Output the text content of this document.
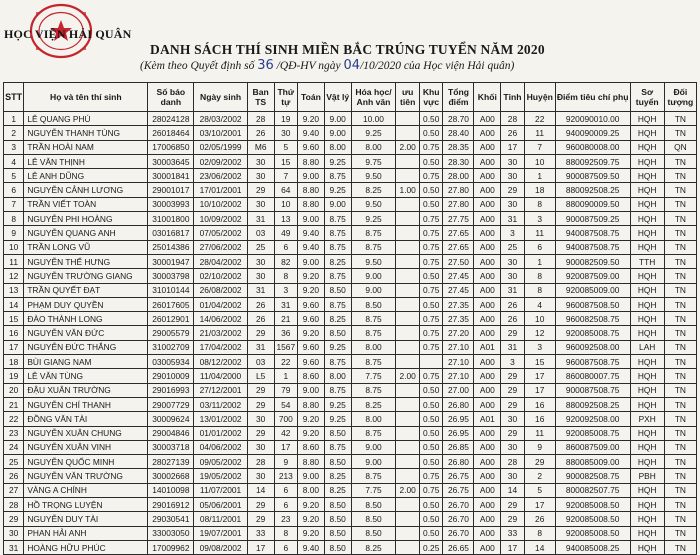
HỌC VIỆN HẢI QUÂN
DANH SÁCH THÍ SINH MIỀN BẮC TRÚNG TUYỂN NĂM 2020
(Kèm theo Quyết định số 36 /QĐ-HV ngày 04/10/2020 của Học viện Hải quân)
STT	Họ và tên thí sinh	Số báo danh	Ngày sinh	Ban TS	Thứ tự	Toán	Vật lý	Hóa học/ Anh văn	ưu tiên	Khu vực	Tổng điểm	Khối	Tỉnh	Huyện	Điểm tiêu chí phụ	Sơ tuyển	Đối tượng
1	LÊ QUANG PHÚ	28024128	28/03/2002	28	19	9.20	9.00	10.00		0.50	28.70	A00	28	22	920090010.00	HQH	TN
2	NGUYỄN THANH TÙNG	26018464	03/10/2001	26	30	9.40	9.00	9.25		0.50	28.40	A00	26	11	940090009.25	HQH	TN
3	TRẦN HOÀI NAM	17006850	02/05/1999	M6	5	9.60	8.00	8.00	2.00	0.75	28.35	A00	17	7	960080008.00	HQH	QN
4	LÊ VĂN THỊNH	30003645	02/09/2002	30	15	8.80	9.25	9.75		0.50	28.30	A00	30	10	880092509.75	HQH	TN
5	LÊ ANH DŨNG	30001841	23/06/2002	30	7	9.00	8.75	9.50		0.75	28.00	A00	30	1	900087509.50	HQH	TN
6	NGUYỄN CẢNH LƯƠNG	29001017	17/01/2001	29	64	8.80	9.25	8.25	1.00	0.50	27.80	A00	29	18	880092508.25	HQH	TN
7	TRẦN VIẾT TOÀN	30003993	10/10/2002	30	10	8.80	9.00	9.50		0.50	27.80	A00	30	8	880090009.50	HQH	TN
8	NGUYỄN PHI HOÀNG	31001800	10/09/2002	31	13	9.00	8.75	9.25		0.75	27.75	A00	31	3	900087509.25	HQH	TN
9	NGUYỄN QUANG ANH	03016817	07/05/2002	03	49	9.40	8.75	8.75		0.75	27.65	A00	3	11	940087508.75	HQH	TN
10	TRẦN LONG VŨ	25014386	27/06/2002	25	6	9.40	8.75	8.75		0.75	27.65	A00	25	6	940087508.75	HQH	TN
11	NGUYỄN THẾ HƯNG	30001947	28/04/2002	30	82	9.00	8.25	9.50		0.75	27.50	A00	30	1	900082509.50	TTH	TN
12	NGUYỄN TRƯỜNG GIANG	30003798	02/10/2002	30	8	9.20	8.75	9.00		0.50	27.45	A00	30	8	920087509.00	HQH	TN
13	TRẦN QUYẾT ĐẠT	31010144	26/08/2002	31	3	9.20	8.50	9.00		0.75	27.45	A00	31	8	920085009.00	HQH	TN
14	PHẠM DUY QUYỀN	26017605	01/04/2002	26	31	9.60	8.75	8.50		0.50	27.35	A00	26	4	960087508.50	HQH	TN
15	ĐÀO THÀNH LONG	26012901	14/06/2002	26	21	9.60	8.25	8.75		0.75	27.35	A00	26	10	960082508.75	HQH	TN
16	NGUYỄN VĂN ĐỨC	29005579	21/03/2002	29	36	9.20	8.50	8.75		0.75	27.20	A00	29	12	920085008.75	HQH	TN
17	NGUYỄN ĐỨC THẮNG	31002709	17/04/2002	31	1567	9.60	9.25	8.00		0.75	27.10	A01	31	3	960092508.00	LAH	TN
18	BÙI GIANG NAM	03005934	08/12/2002	03	22	9.60	8.75	8.75			27.10	A00	3	15	960087508.75	HQH	TN
19	LÊ VĂN TÙNG	29010009	11/04/2000	L5	1	8.60	8.00	7.75	2.00	0.75	27.10	A00	29	17	860080007.75	HQH	TN
20	ĐẬU XUÂN TRƯỜNG	29016993	27/12/2001	29	79	9.00	8.75	8.75		0.50	27.00	A00	29	17	900087508.75	HQH	TN
21	NGUYỄN CHÍ THANH	29007729	03/11/2002	29	54	8.80	9.25	8.25		0.50	26.80	A00	29	16	880092508.25	HQH	TN
22	ĐỒNG VĂN TÀI	30009624	13/01/2002	30	700	9.20	9.25	8.00		0.50	26.95	A01	30	16	920092508.00	PXH	TN
23	NGUYỄN XUÂN CHUNG	29004846	01/01/2002	29	42	9.20	8.50	8.75		0.50	26.95	A00	29	11	920085008.75	HQH	TN
24	NGUYỄN XUÂN VINH	30003718	04/06/2002	30	17	8.60	8.75	9.00		0.50	26.85	A00	30	9	860087509.00	HQH	TN
25	NGUYỄN QUỐC MINH	28027139	09/05/2002	28	9	8.80	8.50	9.00		0.50	26.80	A00	28	29	880085009.00	HQH	TN
26	NGUYỄN VĂN TRƯỜNG	30002668	19/05/2002	30	213	9.00	8.25	8.75		0.75	26.75	A00	30	2	900082508.75	PBH	TN
27	VÀNG A CHÍNH	14010098	11/07/2001	14	6	8.00	8.25	7.75	2.00	0.75	26.75	A00	14	5	800082507.75	HQH	TN
28	HỒ TRỌNG LUYỆN	29016912	05/06/2001	29	6	9.20	8.50	8.50		0.50	26.70	A00	29	17	920085008.50	HQH	TN
29	NGUYỄN DUY TÀI	29030541	08/11/2001	29	23	9.20	8.50	8.50		0.50	26.70	A00	29	26	920085008.50	HQH	TN
30	PHAN HẢI ANH	33003050	19/07/2001	33	8	9.20	8.50	8.50		0.50	26.70	A00	33	8	920085008.50	HQH	TN
31	HOÀNG HỮU PHÚC	17009962	09/08/2002	17	6	9.40	8.50	8.25		0.25	26.65	A00	17	14	940085008.25	HQH	TN
